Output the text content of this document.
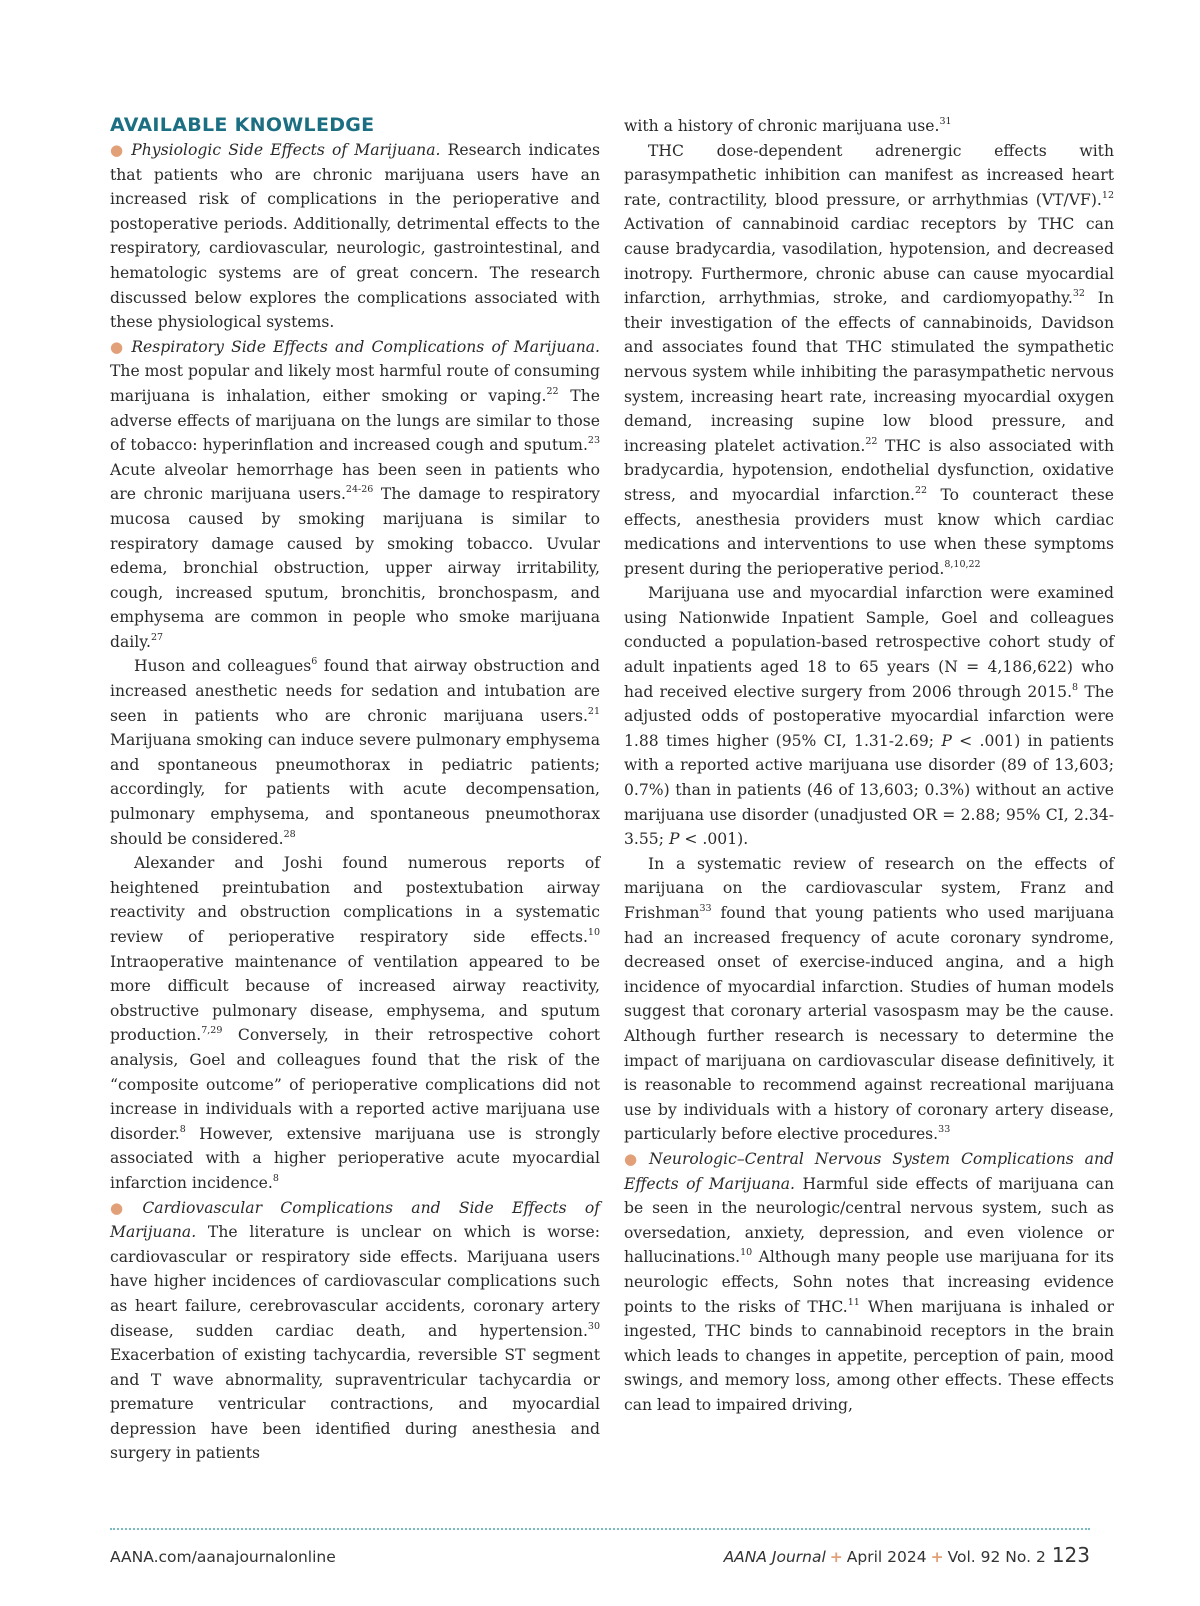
AVAILABLE KNOWLEDGE

● Physiologic Side Effects of Marijuana. Research indicates that patients who are chronic marijuana users have an increased risk of complications in the perioperative and postoperative periods. Additionally, detrimental effects to the respiratory, cardiovascular, neurologic, gastrointestinal, and hematologic systems are of great concern. The research discussed below explores the complications associated with these physiological systems.

● Respiratory Side Effects and Complications of Marijuana. The most popular and likely most harmful route of consuming marijuana is inhalation, either smoking or vaping.$^{22}$ The adverse effects of marijuana on the lungs are similar to those of tobacco: hyperinflation and increased cough and sputum.$^{23}$ Acute alveolar hemorrhage has been seen in patients who are chronic marijuana users.$^{24-26}$ The damage to respiratory mucosa caused by smoking marijuana is similar to respiratory damage caused by smoking tobacco. Uvular edema, bronchial obstruction, upper airway irritability, cough, increased sputum, bronchitis, bronchospasm, and emphysema are common in people who smoke marijuana daily.$^{27}$

Huson and colleagues$^6$ found that airway obstruction and increased anesthetic needs for sedation and intubation are seen in patients who are chronic marijuana users.$^{21}$ Marijuana smoking can induce severe pulmonary emphysema and spontaneous pneumothorax in pediatric patients; accordingly, for patients with acute decompensation, pulmonary emphysema, and spontaneous pneumothorax should be considered.$^{28}$

Alexander and Joshi found numerous reports of heightened preintubation and postextubation airway reactivity and obstruction complications in a systematic review of perioperative respiratory side effects.$^{10}$ Intraoperative maintenance of ventilation appeared to be more difficult because of increased airway reactivity, obstructive pulmonary disease, emphysema, and sputum production.$^{7,29}$ Conversely, in their retrospective cohort analysis, Goel and colleagues found that the risk of the “composite outcome” of perioperative complications did not increase in individuals with a reported active marijuana use disorder.$^8$ However, extensive marijuana use is strongly associated with a higher perioperative acute myocardial infarction incidence.$^8$

● Cardiovascular Complications and Side Effects of Marijuana. The literature is unclear on which is worse: cardiovascular or respiratory side effects. Marijuana users have higher incidences of cardiovascular complications such as heart failure, cerebrovascular accidents, coronary artery disease, sudden cardiac death, and hypertension.$^{30}$ Exacerbation of existing tachycardia, reversible ST segment and T wave abnormality, supraventricular tachycardia or premature ventricular contractions, and myocardial depression have been identified during anesthesia and surgery in patients

with a history of chronic marijuana use.$^{31}$

THC dose-dependent adrenergic effects with parasympathetic inhibition can manifest as increased heart rate, contractility, blood pressure, or arrhythmias (VT/VF).$^{12}$ Activation of cannabinoid cardiac receptors by THC can cause bradycardia, vasodilation, hypotension, and decreased inotropy. Furthermore, chronic abuse can cause myocardial infarction, arrhythmias, stroke, and cardiomyopathy.$^{32}$ In their investigation of the effects of cannabinoids, Davidson and associates found that THC stimulated the sympathetic nervous system while inhibiting the parasympathetic nervous system, increasing heart rate, increasing myocardial oxygen demand, increasing supine low blood pressure, and increasing platelet activation.$^{22}$ THC is also associated with bradycardia, hypotension, endothelial dysfunction, oxidative stress, and myocardial infarction.$^{22}$ To counteract these effects, anesthesia providers must know which cardiac medications and interventions to use when these symptoms present during the perioperative period.$^{8,10,22}$

Marijuana use and myocardial infarction were examined using Nationwide Inpatient Sample, Goel and colleagues conducted a population-based retrospective cohort study of adult inpatients aged 18 to 65 years (N = 4,186,622) who had received elective surgery from 2006 through 2015.$^8$ The adjusted odds of postoperative myocardial infarction were 1.88 times higher (95% CI, 1.31-2.69; P < .001) in patients with a reported active marijuana use disorder (89 of 13,603; 0.7%) than in patients (46 of 13,603; 0.3%) without an active marijuana use disorder (unadjusted OR = 2.88; 95% CI, 2.34-3.55; P < .001).

In a systematic review of research on the effects of marijuana on the cardiovascular system, Franz and Frishman$^{33}$ found that young patients who used marijuana had an increased frequency of acute coronary syndrome, decreased onset of exercise-induced angina, and a high incidence of myocardial infarction. Studies of human models suggest that coronary arterial vasospasm may be the cause. Although further research is necessary to determine the impact of marijuana on cardiovascular disease definitively, it is reasonable to recommend against recreational marijuana use by individuals with a history of coronary artery disease, particularly before elective procedures.$^{33}$

● Neurologic–Central Nervous System Complications and Effects of Marijuana. Harmful side effects of marijuana can be seen in the neurologic/central nervous system, such as oversedation, anxiety, depression, and even violence or hallucinations.$^{10}$ Although many people use marijuana for its neurologic effects, Sohn notes that increasing evidence points to the risks of THC.$^{11}$ When marijuana is inhaled or ingested, THC binds to cannabinoid receptors in the brain which leads to changes in appetite, perception of pain, mood swings, and memory loss, among other effects. These effects can lead to impaired driving,

AANA.com/aanajournalonline	AANA Journal + April 2024 + Vol. 92 No. 2 123
